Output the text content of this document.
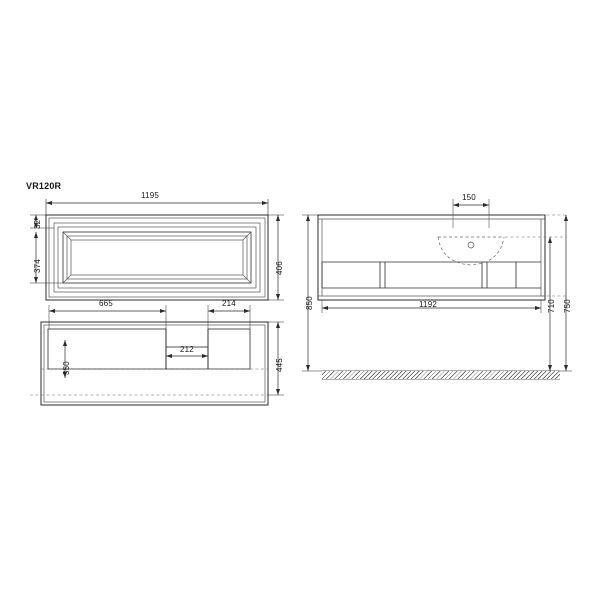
VR120R
1195
32
374	406
665	214
212
350	445
150
1192
850	710 750
